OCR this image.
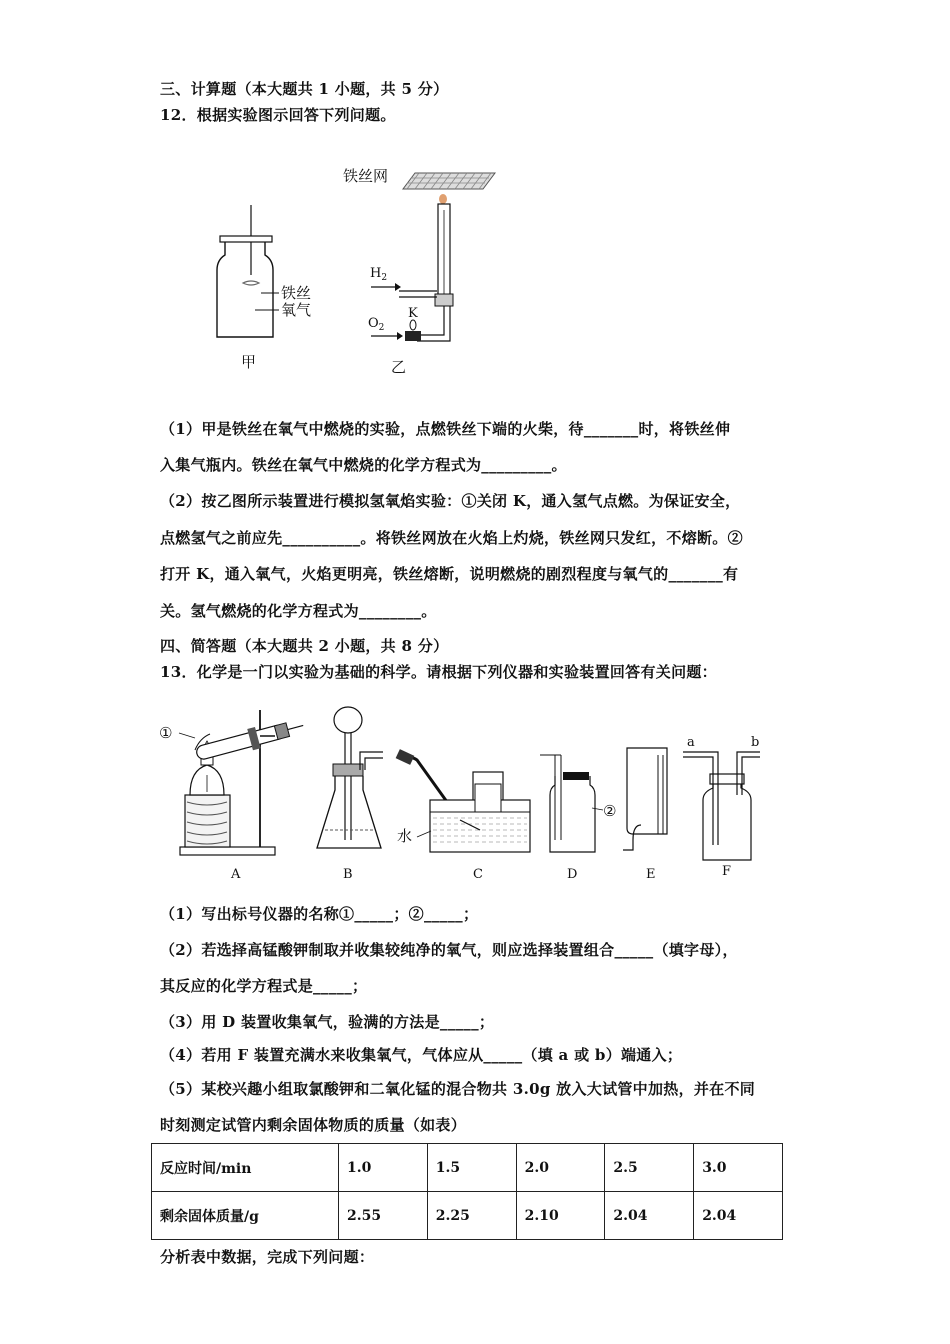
三、计算题（本大题共 1 小题，共 5 分）
12．根据实验图示回答下列问题。
铁丝
氧气
甲
铁丝网
$H_2$
$O_2$
K
乙
（1）甲是铁丝在氧气中燃烧的实验，点燃铁丝下端的火柴，待_______时，将铁丝伸
入集气瓶内。铁丝在氧气中燃烧的化学方程式为_________。
（2）按乙图所示装置进行模拟氢氧焰实验：①关闭 K，通入氢气点燃。为保证安全，
点燃氢气之前应先__________。将铁丝网放在火焰上灼烧，铁丝网只发红，不熔断。②
打开 K，通入氧气，火焰更明亮，铁丝熔断，说明燃烧的剧烈程度与氧气的_______有
关。氢气燃烧的化学方程式为________。
四、简答题（本大题共 2 小题，共 8 分）
13．化学是一门以实验为基础的科学。请根据下列仪器和实验装置回答有关问题：
①
A	B
水
C
②
D	E
a	b
F
（1）写出标号仪器的名称①_____；②_____；
（2）若选择高锰酸钾制取并收集较纯净的氧气，则应选择装置组合_____（填字母），
其反应的化学方程式是_____；
（3）用 D 装置收集氧气，验满的方法是_____；
（4）若用 F 装置充满水来收集氧气，气体应从_____（填 a 或 b）端通入；
（5）某校兴趣小组取氯酸钾和二氧化锰的混合物共 3.0g 放入大试管中加热，并在不同
时刻测定试管内剩余固体物质的质量（如表）
反应时间/min	1.0	1.5	2.0	2.5	3.0
剩余固体质量/g	2.55	2.25	2.10	2.04	2.04
分析表中数据，完成下列问题：
